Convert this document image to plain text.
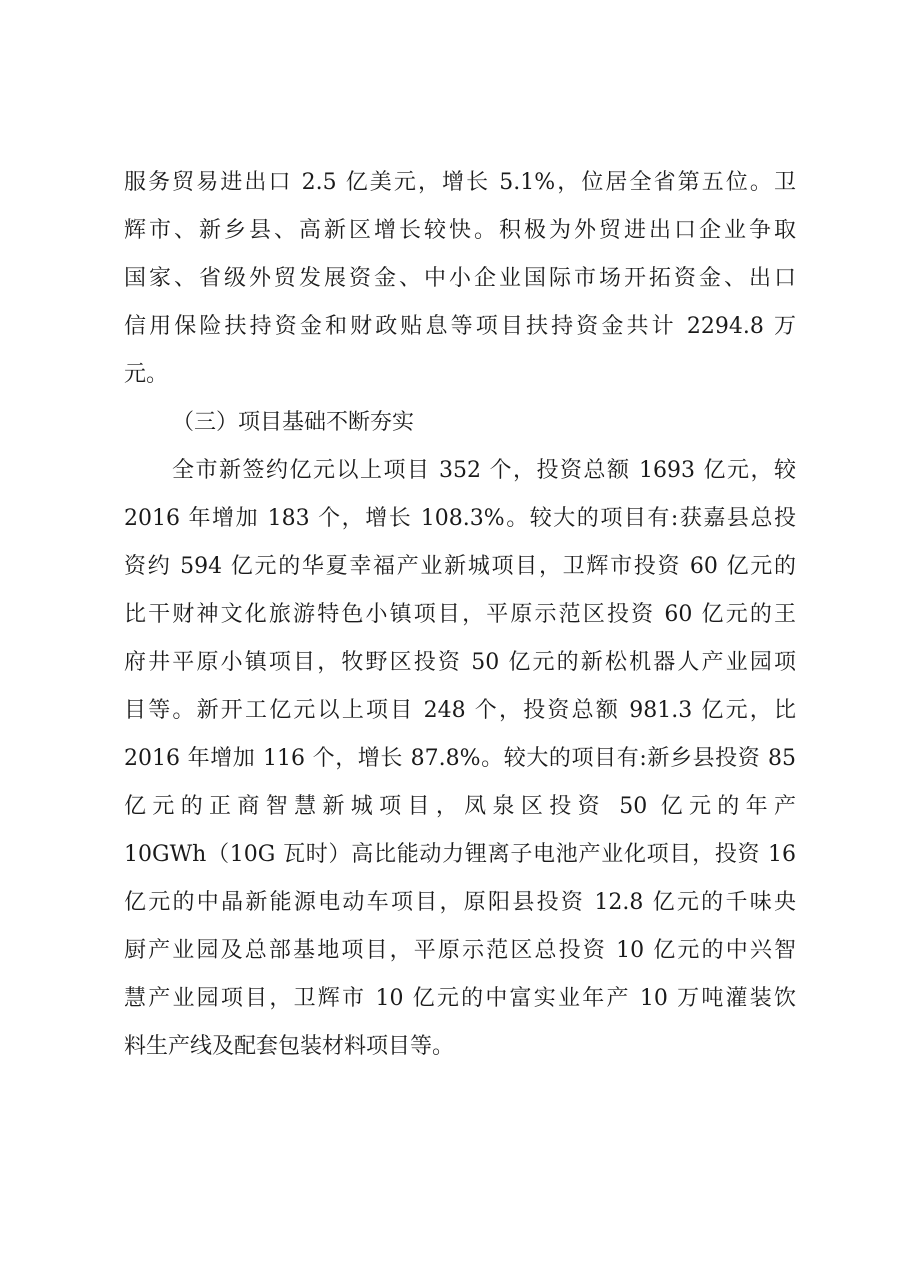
服务贸易进出口 2.5 亿美元，增长 5.1%，位居全省第五位。卫
辉市、新乡县、高新区增长较快。积极为外贸进出口企业争取
国家、省级外贸发展资金、中小企业国际市场开拓资金、出口
信用保险扶持资金和财政贴息等项目扶持资金共计 2294.8 万
元。
（三）项目基础不断夯实
全市新签约亿元以上项目 352 个，投资总额 1693 亿元，较
2016 年增加 183 个，增长 108.3%。较大的项目有:获嘉县总投
资约 594 亿元的华夏幸福产业新城项目，卫辉市投资 60 亿元的
比干财神文化旅游特色小镇项目，平原示范区投资 60 亿元的王
府井平原小镇项目，牧野区投资 50 亿元的新松机器人产业园项
目等。新开工亿元以上项目 248 个，投资总额 981.3 亿元，比
2016 年增加 116 个，增长 87.8%。较大的项目有:新乡县投资 85
亿元的正商智慧新城项目，凤泉区投资 50 亿元的年产
10GWh（10G 瓦时）高比能动力锂离子电池产业化项目，投资 16
亿元的中晶新能源电动车项目，原阳县投资 12.8 亿元的千味央
厨产业园及总部基地项目，平原示范区总投资 10 亿元的中兴智
慧产业园项目，卫辉市 10 亿元的中富实业年产 10 万吨灌装饮
料生产线及配套包装材料项目等。
